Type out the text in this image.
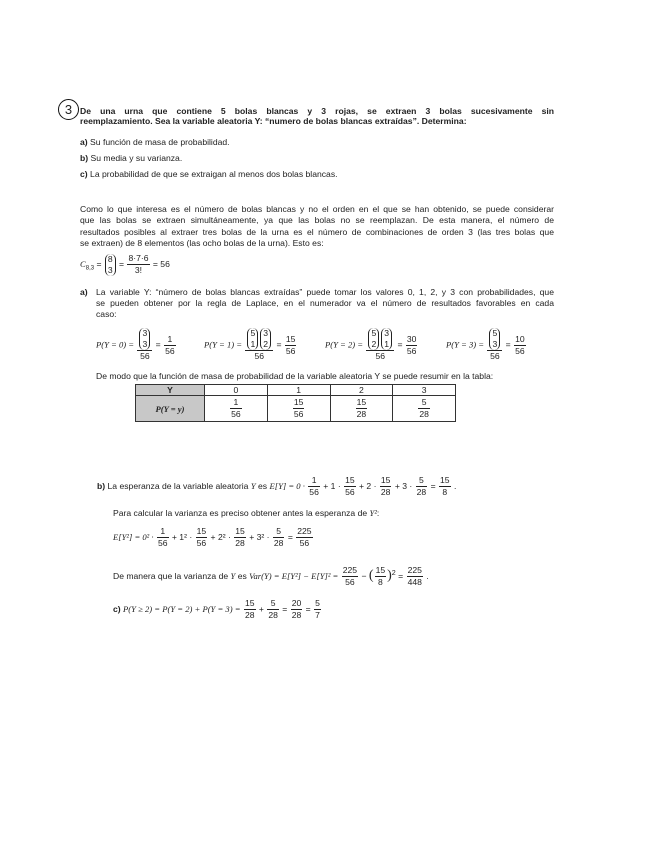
3 De una urna que contiene 5 bolas blancas y 3 rojas, se extraen 3 bolas sucesivamente sin
reemplazamiento. Sea la variable aleatoria Y: “numero de bolas blancas extraídas”. Determina:
a) Su función de masa de probabilidad.
b) Su media y su varianza.
c) La probabilidad de que se extraigan al menos dos bolas blancas.
Como lo que interesa es el número de bolas blancas y no el orden en el que se han obtenido, se puede considerar
que las bolas se extraen simultáneamente, ya que las bolas no se reemplazan. De esta manera, el número de
resultados posibles al extraer tres bolas de la urna es el número de combinaciones de orden 3 (las tres bolas que
se extraen) de 8 elementos (las ocho bolas de la urna). Esto es:
$C_{8,3}$ =
8
3
= $\frac{8\cdot 7\cdot 6}{3!} = 56$
a) La variable Y: “número de bolas blancas extraídas” puede tomar los valores 0, 1, 2, y 3 con probabilidades, que
se pueden obtener por la regla de Laplace, en el numerador va el número de resultados favorables en cada
caso:
P(Y = 0) = 3
3
$56 = \frac{1}{56}$	P(Y = 1) = 5
1
3
2
$56 = \frac{15}{56}$	P(Y = 2) = 5
2
3
1
$56 = \frac{30}{56}$	P(Y = 3) = 5
3
$56 = \frac{10}{56}$
De modo que la función de masa de probabilidad de la variable aleatoria Y se puede resumir en la tabla:
Y	0	1	2	3
P(Y = y)	$\frac{1}{56}$	$\frac{15}{56}$	$\frac{15}{28}$	$\frac{5}{28}$
b) La esperanza de la variable aleatoria Y es $E[Y] = 0 \cdot \frac{1}{56} + 1 \cdot \frac{15}{56} + 2 \cdot \frac{15}{28} + 3 \cdot \frac{5}{28} = \frac{15}{8}$ .
Para calcular la varianza es preciso obtener antes la esperanza de Y²:
$E[Y^2] = 0^2 \cdot \frac{1}{56} + 1^2 \cdot \frac{15}{56} + 2^2 \cdot \frac{15}{28} + 3^2 \cdot \frac{5}{28} = \frac{225}{56}$
De manera que la varianza de Y es $Var(Y) = E[Y^2] - E[Y]^2 = \frac{225}{56}$ − ( $\frac{15}{8} )^2 = \frac{225}{448}$ .
c) $P(Y \ge 2) = P(Y = 2) + P(Y = 3) = \frac{15}{28} + \frac{5}{28} = \frac{20}{28} = \frac{5}{7}$
